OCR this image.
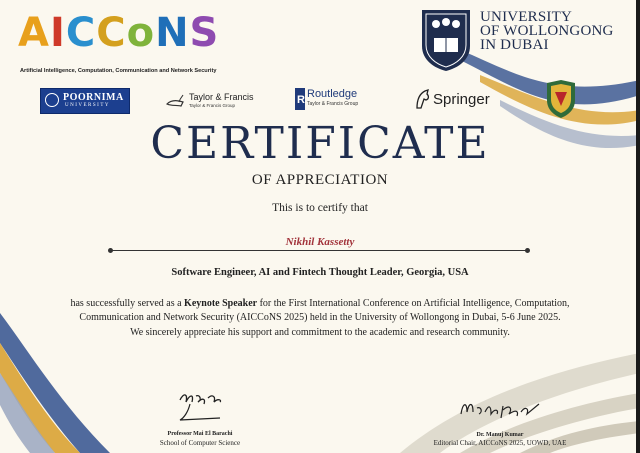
AICCoNS
Artificial Intelligence, Computation, Communication and Network Security
UNIVERSITY
OF WOLLONGONG
IN DUBAI
POORNIMA
UNIVERSITY
Taylor & Francis
Taylor & Francis Group	R Routledge
Taylor & Francis Group	Springer
CERTIFICATE
OF APPRECIATION
This is to certify that
Nikhil Kassetty
Software Engineer, AI and Fintech Thought Leader, Georgia, USA
has successfully served as a Keynote Speaker for the First International Conference on Artificial Intelligence, Computation, Communication and Network Security (AICCoNS 2025) held in the University of Wollongong in Dubai, 5-6 June 2025.
We sincerely appreciate his support and commitment to the academic and research community.
Professor Mai El Barachi
School of Computer Science
Dr. Manuj Kumar
Editorial Chair, AICCoNS 2025, UOWD, UAE
